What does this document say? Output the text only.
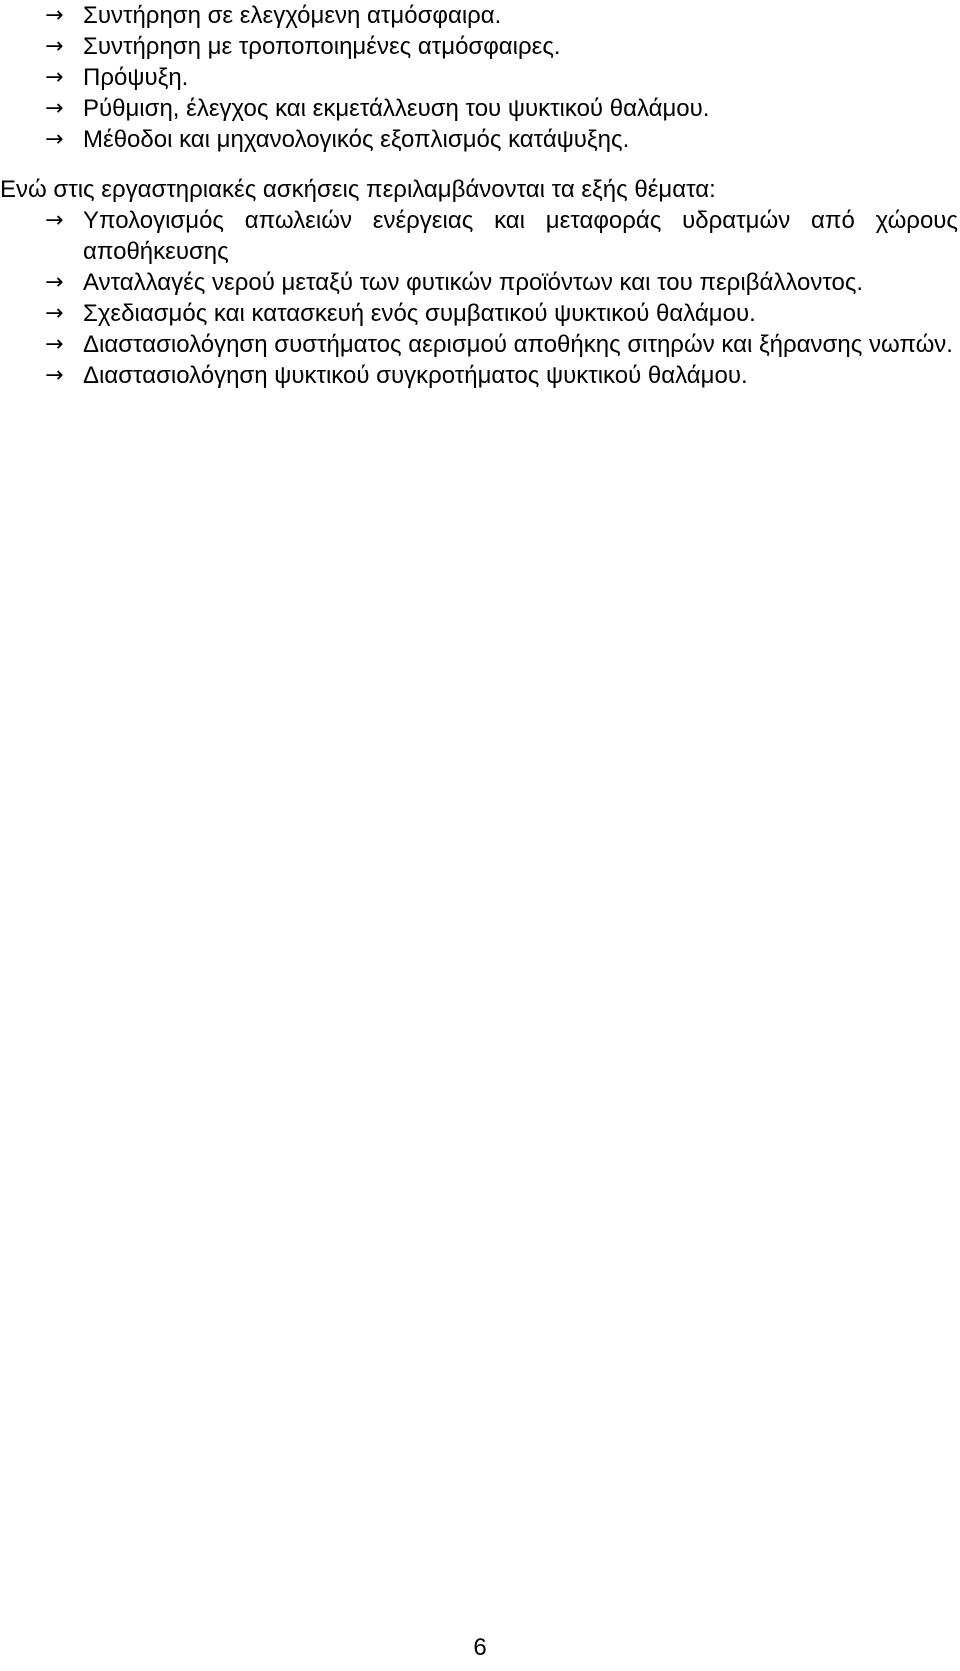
→ Συντήρηση σε ελεγχόμενη ατμόσφαιρα.
→ Συντήρηση με τροποποιημένες ατμόσφαιρες.
→ Πρόψυξη.
→ Ρύθμιση, έλεγχος και εκμετάλλευση του ψυκτικού θαλάμου.
→ Μέθοδοι και μηχανολογικός εξοπλισμός κατάψυξης.

Ενώ στις εργαστηριακές ασκήσεις περιλαμβάνονται τα εξής θέματα:

→ Υπολογισμός απωλειών ενέργειας και μεταφοράς υδρατμών από χώρους αποθήκευσης
→ Ανταλλαγές νερού μεταξύ των φυτικών προϊόντων και του περιβάλλοντος.
→ Σχεδιασμός και κατασκευή ενός συμβατικού ψυκτικού θαλάμου.
→ Διαστασιολόγηση συστήματος αερισμού αποθήκης σιτηρών και ξήρανσης νωπών.
→ Διαστασιολόγηση ψυκτικού συγκροτήματος ψυκτικού θαλάμου.
6
